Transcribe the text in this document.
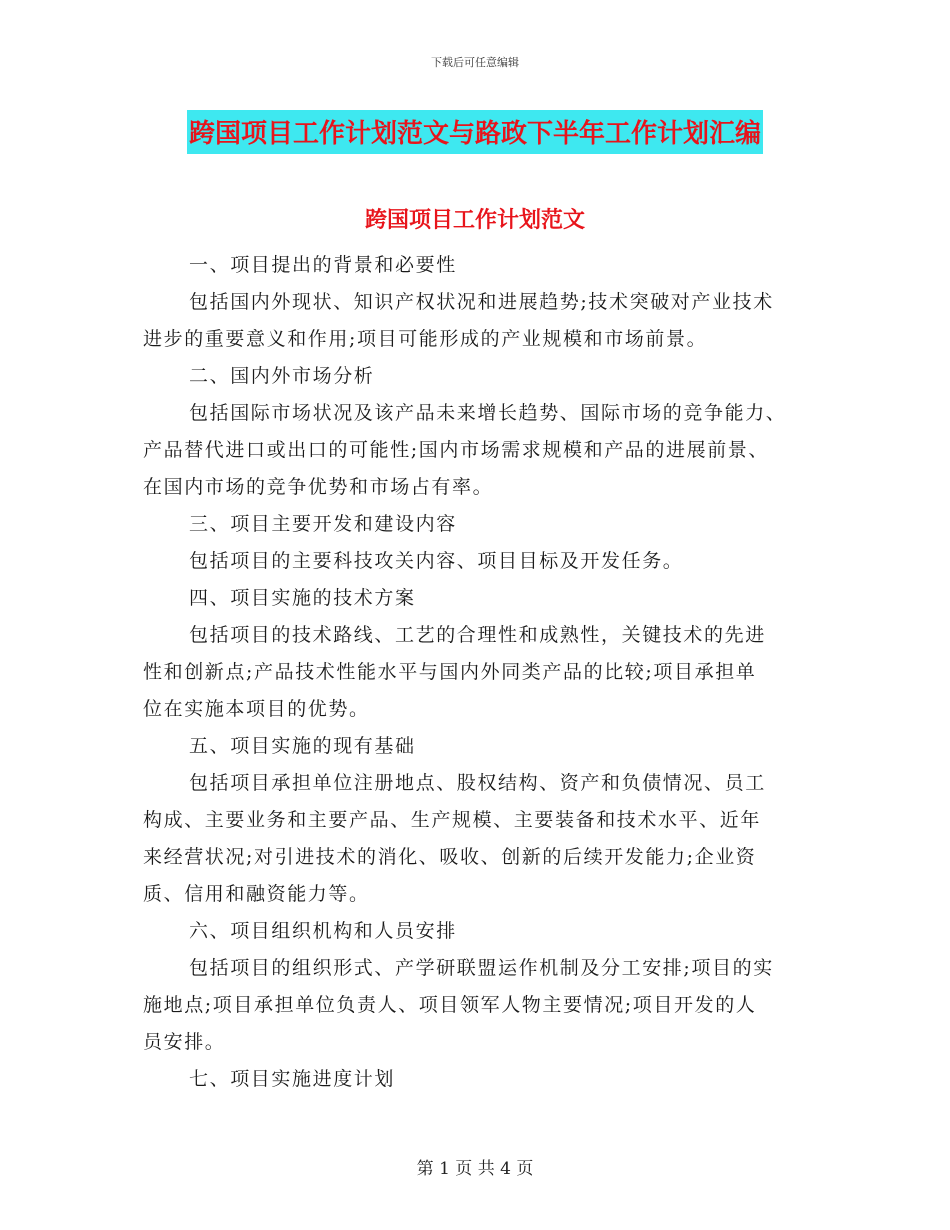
下载后可任意编辑
跨国项目工作计划范文与路政下半年工作计划汇编
跨国项目工作计划范文
一、项目提出的背景和必要性
包括国内外现状、知识产权状况和进展趋势;技术突破对产业技术
进步的重要意义和作用;项目可能形成的产业规模和市场前景。
二、国内外市场分析
包括国际市场状况及该产品未来增长趋势、国际市场的竞争能力、
产品替代进口或出口的可能性;国内市场需求规模和产品的进展前景、
在国内市场的竞争优势和市场占有率。
三、项目主要开发和建设内容
包括项目的主要科技攻关内容、项目目标及开发任务。
四、项目实施的技术方案
包括项目的技术路线、工艺的合理性和成熟性，关键技术的先进
性和创新点;产品技术性能水平与国内外同类产品的比较;项目承担单
位在实施本项目的优势。
五、项目实施的现有基础
包括项目承担单位注册地点、股权结构、资产和负债情况、员工
构成、主要业务和主要产品、生产规模、主要装备和技术水平、近年
来经营状况;对引进技术的消化、吸收、创新的后续开发能力;企业资
质、信用和融资能力等。
六、项目组织机构和人员安排
包括项目的组织形式、产学研联盟运作机制及分工安排;项目的实
施地点;项目承担单位负责人、项目领军人物主要情况;项目开发的人
员安排。
七、项目实施进度计划
第 1 页 共 4 页
